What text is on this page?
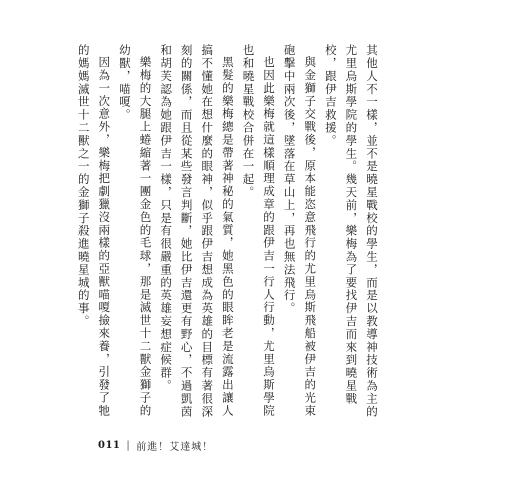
其他人不一樣，並不是曉星戰校的學生，而是以教導神技術為主的尤里烏斯學院的學生。幾天前，樂梅為了要找伊吉而來到曉星戰校，跟伊吉救援。

與金獅子交戰後，原本能恣意飛行的尤里烏斯飛船被伊吉的光束砲擊中兩次後，墜落在草山上，再也無法飛行。

也因此樂梅就這樣順理成章的跟伊吉一行人行動，尤里烏斯學院也和曉星戰校合併在一起。

黑髮的樂梅總是帶著神秘的氣質，她黑色的眼眸老是流露出讓人搞不懂她在想什麼的眼神，似乎跟伊吉想成為英雄的目標有著很深刻的關係，而且從某些發言判斷，她比伊吉還更有野心，不過凱茵和胡芙認為她跟伊吉一樣，只是有很嚴重的英雄妄想症候群。

樂梅的大腿上蜷縮著一團金色的毛球，那是滅世十二獸金獅子的幼獸，喵嗄。

因為一次意外，樂梅把劇獵沒兩樣的亞獸喵嗄撿來養，引發了牠的媽媽滅世十二獸之一的金獅子殺進曉星城的事。

011 | 前進！艾達城！
